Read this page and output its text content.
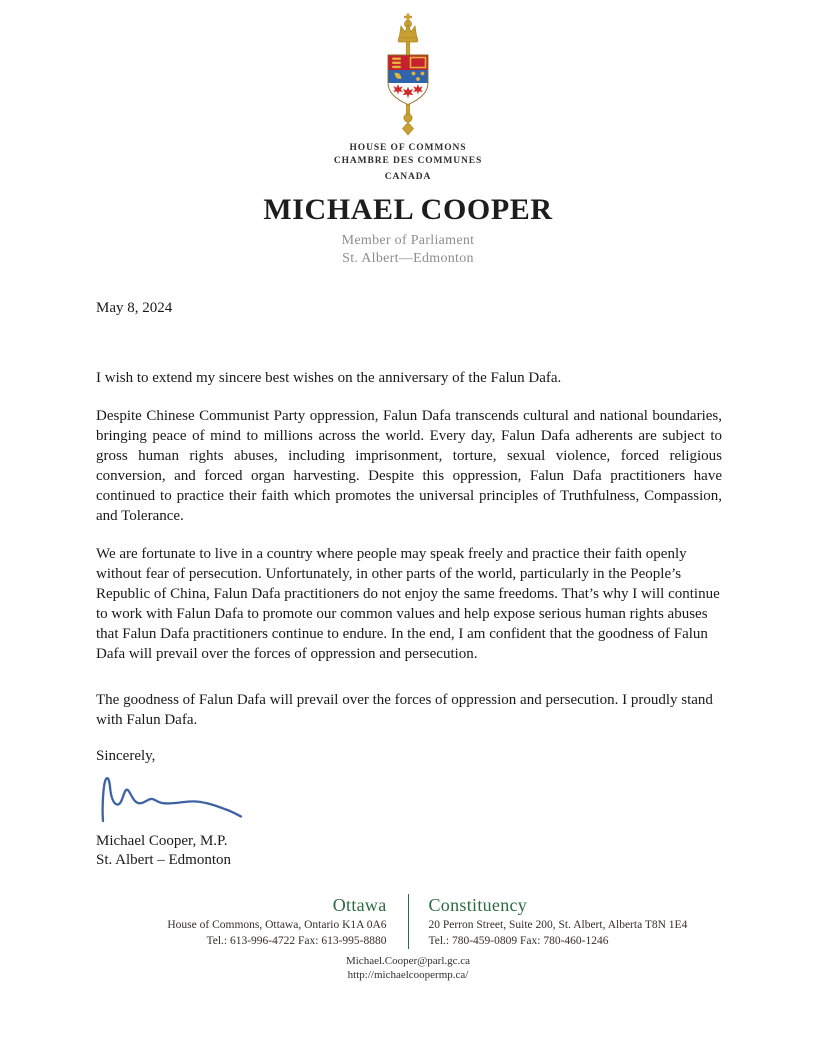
HOUSE OF COMMONS
CHAMBRE DES COMMUNES
CANADA
MICHAEL COOPER
Member of Parliament
St. Albert—Edmonton

May 8, 2024

I wish to extend my sincere best wishes on the anniversary of the Falun Dafa.

Despite Chinese Communist Party oppression, Falun Dafa transcends cultural and national boundaries, bringing peace of mind to millions across the world. Every day, Falun Dafa adherents are subject to gross human rights abuses, including imprisonment, torture, sexual violence, forced religious conversion, and forced organ harvesting. Despite this oppression, Falun Dafa practitioners have continued to practice their faith which promotes the universal principles of Truthfulness, Compassion, and Tolerance.

We are fortunate to live in a country where people may speak freely and practice their faith openly without fear of persecution. Unfortunately, in other parts of the world, particularly in the People’s Republic of China, Falun Dafa practitioners do not enjoy the same freedoms. That’s why I will continue to work with Falun Dafa to promote our common values and help expose serious human rights abuses that Falun Dafa practitioners continue to endure. In the end, I am confident that the goodness of Falun Dafa will prevail over the forces of oppression and persecution.

The goodness of Falun Dafa will prevail over the forces of oppression and persecution. I proudly stand with Falun Dafa.

Sincerely,

Michael Cooper, M.P.
St. Albert – Edmonton
Ottawa
House of Commons, Ottawa, Ontario K1A 0A6
Tel.: 613-996-4722 Fax: 613-995-8880
Constituency
20 Perron Street, Suite 200, St. Albert, Alberta T8N 1E4
Tel.: 780-459-0809 Fax: 780-460-1246
Michael.Cooper@parl.gc.ca
http://michaelcoopermp.ca/
